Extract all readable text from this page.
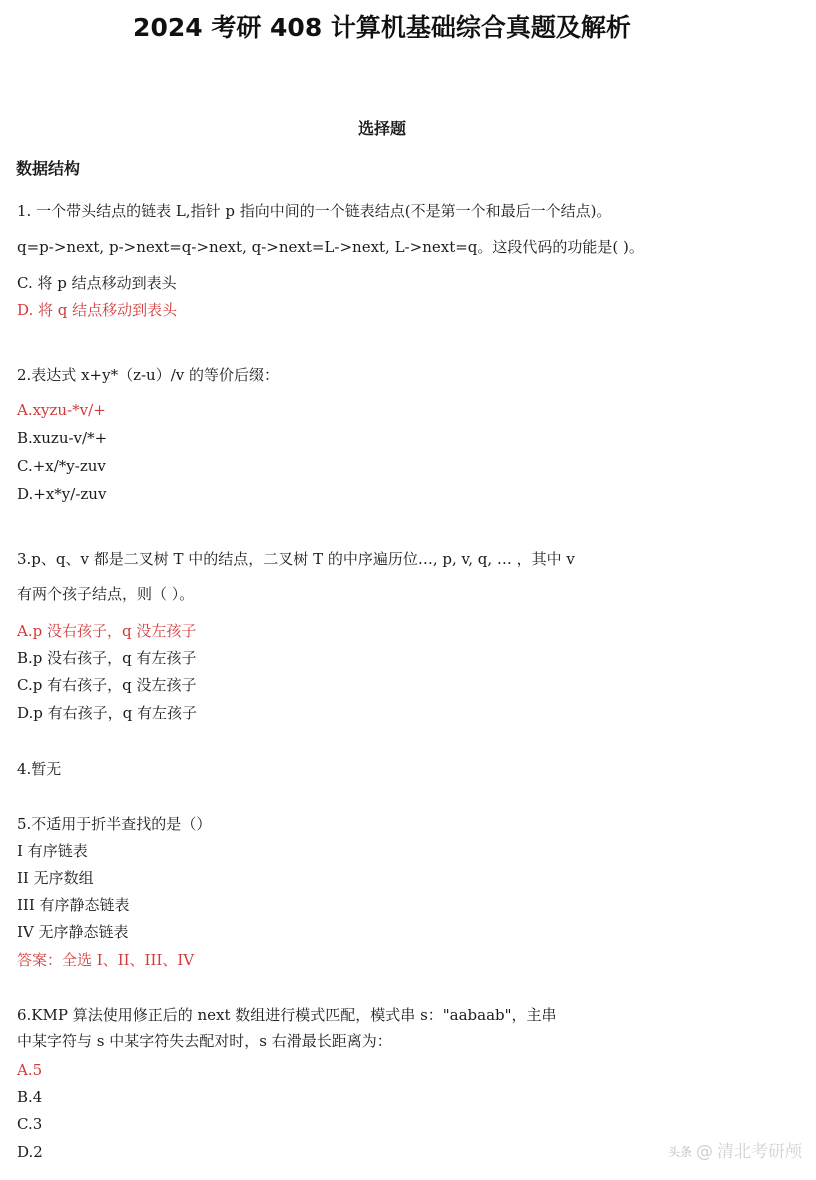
2024 考研 408 计算机基础综合真题及解析
选择题
数据结构
1. 一个带头结点的链表 L,指针 p 指向中间的一个链表结点(不是第一个和最后一个结点)。
q=p->next, p->next=q->next, q->next=L->next, L->next=q。这段代码的功能是( )。
C. 将 p 结点移动到表头
D. 将 q 结点移动到表头
2.表达式 x+y*（z-u）/v 的等价后缀：
A.xyzu-*v/+
B.xuzu-v/*+
C.+x/*y-zuv
D.+x*y/-zuv
3.p、q、v 都是二叉树 T 中的结点，二叉树 T 的中序遍历位…, p, v, q, … ，其中 v
有两个孩子结点，则（ ）。
A.p 没右孩子，q 没左孩子
B.p 没右孩子，q 有左孩子
C.p 有右孩子，q 没左孩子
D.p 有右孩子，q 有左孩子
4.暂无
5.不适用于折半查找的是（）
I 有序链表
II 无序数组
III 有序静态链表
IV 无序静态链表
答案：全选 I、II、III、IV
6.KMP 算法使用修正后的 next 数组进行模式匹配，模式串 s："aabaab"，主串
中某字符与 s 中某字符失去配对时，s 右滑最长距离为：
A.5
B.4
C.3
D.2	头条 @ 清北考研颅
